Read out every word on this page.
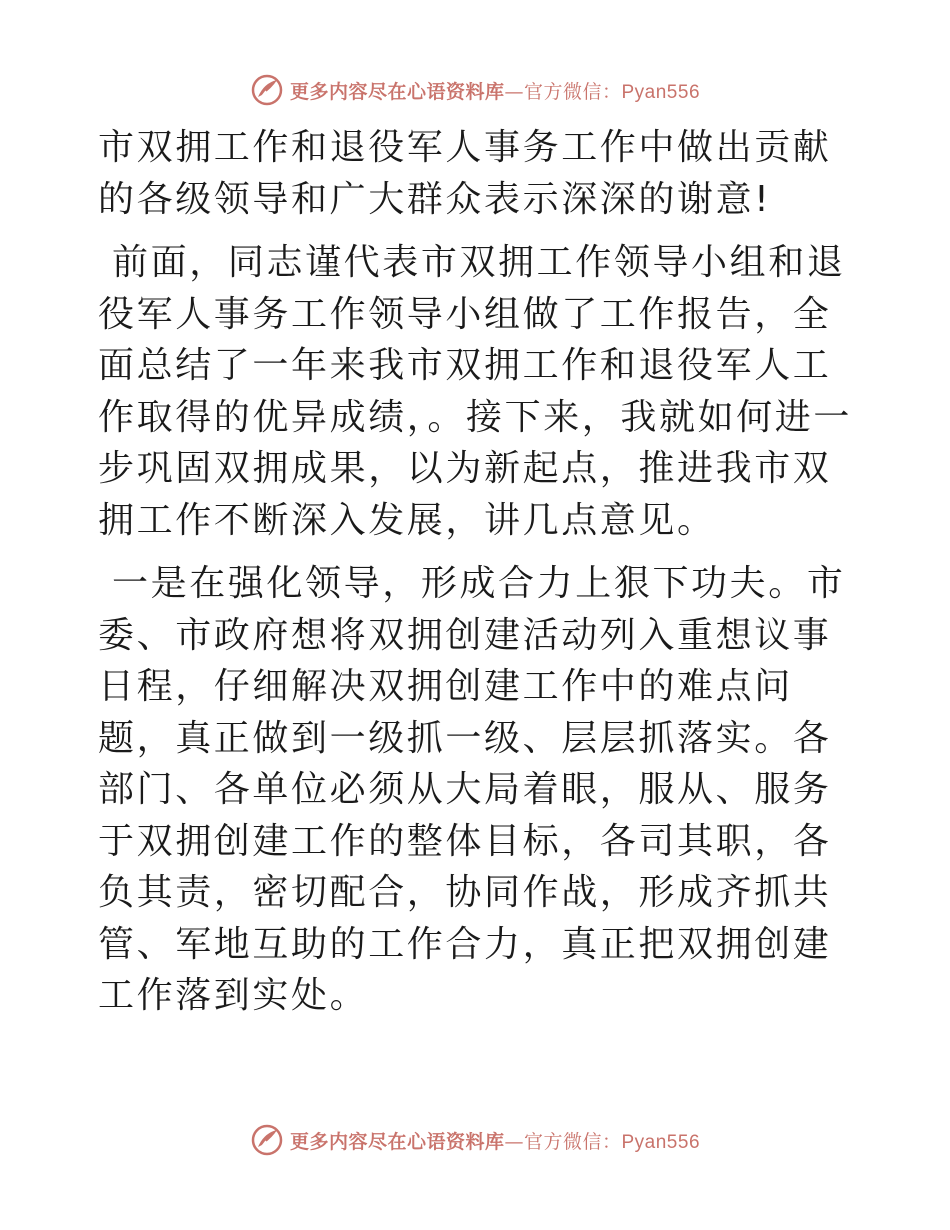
更多内容尽在心语资料库—官方微信：Pyan556

市双拥工作和退役军人事务工作中做出贡献的各级领导和广大群众表示深深的谢意!

前面，同志谨代表市双拥工作领导小组和退役军人事务工作领导小组做了工作报告，全面总结了一年来我市双拥工作和退役军人工作取得的优异成绩，。接下来，我就如何进一步巩固双拥成果，以为新起点，推进我市双拥工作不断深入发展，讲几点意见。

一是在强化领导，形成合力上狠下功夫。市委、市政府想将双拥创建活动列入重想议事日程，仔细解决双拥创建工作中的难点问题，真正做到一级抓一级、层层抓落实。各部门、各单位必须从大局着眼，服从、服务于双拥创建工作的整体目标，各司其职，各负其责，密切配合，协同作战，形成齐抓共管、军地互助的工作合力，真正把双拥创建工作落到实处。

更多内容尽在心语资料库—官方微信：Pyan556
